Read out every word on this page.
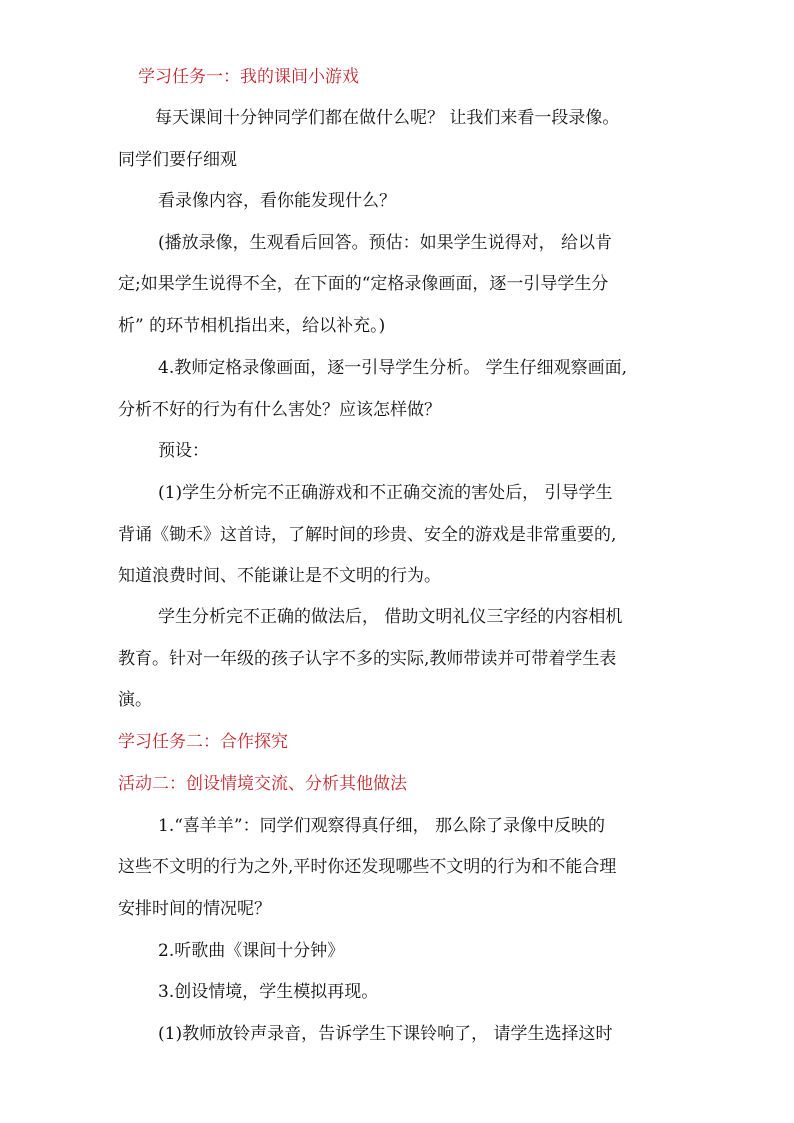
学习任务一：我的课间小游戏
每天课间十分钟同学们都在做什么呢？ 让我们来看一段录像。
同学们要仔细观
看录像内容，看你能发现什么？
(播放录像，生观看后回答。预估：如果学生说得对， 给以肯
定;如果学生说得不全，在下面的“定格录像画面，逐一引导学生分
析” 的环节相机指出来，给以补充。)
4.教师定格录像画面，逐一引导学生分析。 学生仔细观察画面,
分析不好的行为有什么害处？应该怎样做？
预设：
(1)学生分析完不正确游戏和不正确交流的害处后， 引导学生
背诵《锄禾》这首诗，了解时间的珍贵、安全的游戏是非常重要的,
知道浪费时间、不能谦让是不文明的行为。
学生分析完不正确的做法后， 借助文明礼仪三字经的内容相机
教育。针对一年级的孩子认字不多的实际,教师带读并可带着学生表
演。
学习任务二：合作探究
活动二：创设情境交流、分析其他做法
1.“喜羊羊”：同学们观察得真仔细， 那么除了录像中反映的
这些不文明的行为之外,平时你还发现哪些不文明的行为和不能合理
安排时间的情况呢？
2.听歌曲《课间十分钟》
3.创设情境，学生模拟再现。
(1)教师放铃声录音，告诉学生下课铃响了， 请学生选择这时
